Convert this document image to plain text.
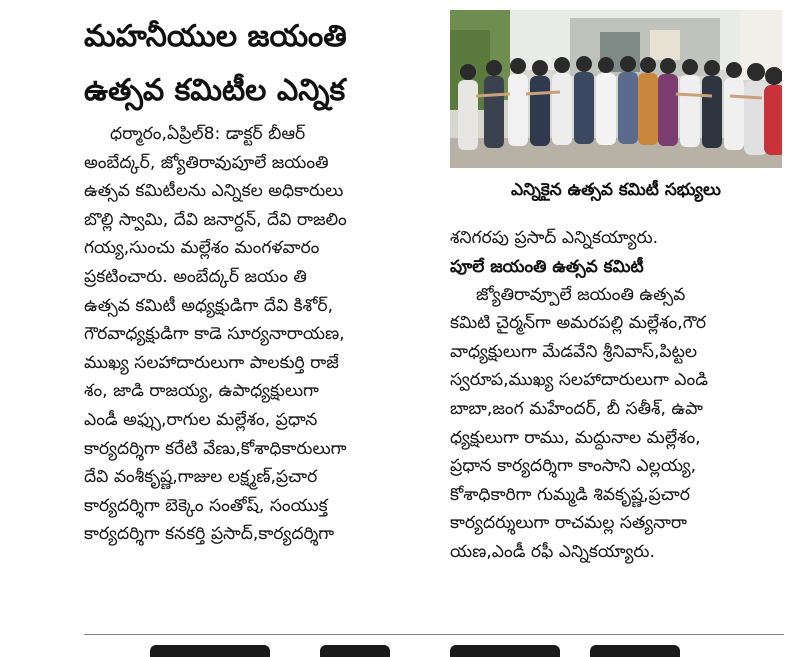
మహనీయుల జయంతి
ఉత్సవ కమిటీల ఎన్నిక
ధర్మారం,ఏప్రిల్8: డాక్టర్ బీఆర్
అంబేద్కర్, జ్యోతిరావుపూలే జయంతి
ఉత్సవ కమిటీలను ఎన్నికల అధికారులు
బొల్లి స్వామి, దేవి జనార్దన్, దేవి రాజలిం
గయ్య,సుంచు మల్లేశం మంగళవారం
ప్రకటించారు. అంబేద్కర్ జయం తి
ఉత్సవ కమిటీ అధ్యక్షుడిగా దేవి కిశోర్,
గౌరవాధ్యక్షుడిగా కాడె సూర్యనారాయణ,
ముఖ్య సలహాదారులుగా పాలకుర్తి రాజే
శం, జాడి రాజయ్య, ఉపాధ్యక్షులుగా
ఎండీ అఫ్సు,రాగుల మల్లేశం, ప్రధాన
కార్యదర్శిగా కరేటి వేణు,కోశాధికారులుగా
దేవి వంశీకృష్ణ,గాజుల లక్ష్మణ్,ప్రచార
కార్యదర్శిగా బెక్కెం సంతోష్, సంయుక్త
కార్యదర్శిగా కనకర్తి ప్రసాద్,కార్యదర్శిగా
ఎన్నికైన ఉత్సవ కమిటీ సభ్యులు
శనిగరపు ప్రసాద్ ఎన్నికయ్యారు.
పూలే జయంతి ఉత్సవ కమిటీ
జ్యోతిరావ్పూలే జయంతి ఉత్సవ
కమిటి చైర్మన్‌గా అమరపల్లి మల్లేశం,గౌర
వాధ్యక్షులుగా మేడవేని శ్రీనివాస్,పిట్టల
స్వరూప,ముఖ్య సలహాదారులుగా ఎండి
బాబా,జంగ మహేందర్, బీ సతీశ్, ఉపా
ధ్యక్షులుగా రాము, మద్దునాల మల్లేశం,
ప్రధాన కార్యదర్శిగా కాంసాని ఎల్లయ్య,
కోశాధికారిగా గుమ్మడి శివకృష్ణ,ప్రచార
కార్యదర్శులుగా రాచమల్ల సత్యనారా
యణ,ఎండీ రఫీ ఎన్నికయ్యారు.
